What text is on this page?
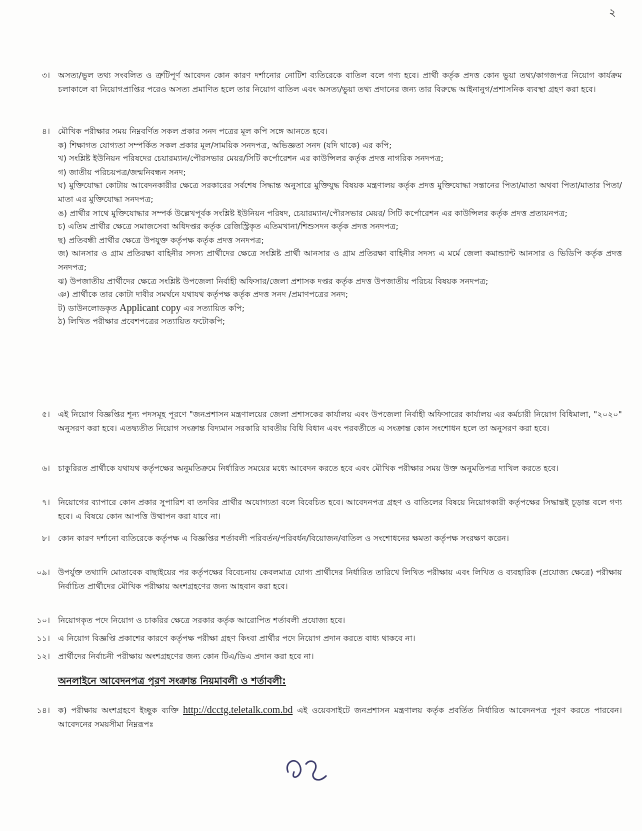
২
৩। অসত্য/ভুল তথ্য সংবলিত ও ত্রুটিপূর্ণ আবেদন কোন কারণ দর্শানোর নোটিশ ব্যতিরেকে বাতিল বলে গণ্য হবে। প্রার্থী কর্তৃক প্রদত্ত কোন ভুয়া তথ্য/কাগজপত্র নিয়োগ কার্যক্রম চলাকালে বা নিয়োগপ্রাপ্তির পরেও অসত্য প্রমাণিত হলে তার নিয়োগ বাতিল এবং অসত্য/ভুয়া তথ্য প্রদানের জন্য তার বিরুদ্ধে আইনানুগ/প্রশাসনিক ব্যবস্থা গ্রহণ করা হবে।
৪। মৌখিক পরীক্ষার সময় নিম্নবর্ণিত সকল প্রকার সনদ পত্রের মূল কপি সঙ্গে আনতে হবে।
ক) শিক্ষাগত যোগ্যতা সম্পর্কিত সকল প্রকার মূল/সাময়িক সনদপত্র, অভিজ্ঞতা সনদ (যদি থাকে) এর কপি;
খ) সংশ্লিষ্ট ইউনিয়ন পরিষদের চেয়ারম্যান/পৌরসভার মেয়র/সিটি কর্পোরেশন এর কাউন্সিলর কর্তৃক প্রদত্ত নাগরিক সনদপত্র;
গ) জাতীয় পরিচয়পত্র/জন্মনিবন্ধন সনদ;
ঘ) মুক্তিযোদ্ধা কোটায় আবেদনকারীর ক্ষেত্রে সরকারের সর্বশেষ সিদ্ধান্ত অনুসারে মুক্তিযুদ্ধ বিষয়ক মন্ত্রণালয় কর্তৃক প্রদত্ত মুক্তিযোদ্ধা সন্তানের পিতা/মাতা অথবা পিতা/মাতার পিতা/মাতা এর মুক্তিযোদ্ধা সনদপত্র;
ঙ) প্রার্থীর সাথে মুক্তিযোদ্ধার সম্পর্ক উল্লেখপূর্বক সংশ্লিষ্ট ইউনিয়ন পরিষদ, চেয়ারম্যান/পৌরসভার মেয়র/ সিটি কর্পোরেশন এর কাউন্সিলর কর্তৃক প্রদত্ত প্রত্যয়নপত্র;
চ) এতিম প্রার্থীর ক্ষেত্রে সমাজসেবা অধিদপ্তর কর্তৃক রেজিস্ট্রিকৃত এতিমখানা/শিশুসদন কর্তৃক প্রদত্ত সনদপত্র;
ছ) প্রতিবন্ধী প্রার্থীর ক্ষেত্রে উপযুক্ত কর্তৃপক্ষ কর্তৃক প্রদত্ত সনদপত্র;
জ) আনসার ও গ্রাম প্রতিরক্ষা বাহিনীর সদস্য প্রার্থীদের ক্ষেত্রে সংশ্লিষ্ট প্রার্থী আনসার ও গ্রাম প্রতিরক্ষা বাহিনীর সদস্য এ মর্মে জেলা কমান্ড্যান্ট আনসার ও ভিডিপি কর্তৃক প্রদত্ত সনদপত্র;
ঝ) উপজাতীয় প্রার্থীদের ক্ষেত্রে সংশ্লিষ্ট উপজেলা নির্বাহী অফিসার/জেলা প্রশাসক দপ্তর কর্তৃক প্রদত্ত উপজাতীয় পরিচয় বিষয়ক সনদপত্র;
ঞ) প্রার্থীকে তার কোটা দাবীর সমর্থনে যথাযথ কর্তৃপক্ষ কর্তৃক প্রদত্ত সনদ /প্রমাণপত্রের সনদ;
ট) ডাউনলোডকৃত Applicant copy এর সত্যায়িত কপি;
ঠ) লিখিত পরীক্ষার প্রবেশপত্রের সত্যায়িত ফটোকপি;
৫। এই নিয়োগ বিজ্ঞপ্তির শূন্য পদসমূহ পূরণে "জনপ্রশাসন মন্ত্রণালয়ের জেলা প্রশাসকের কার্যালয় এবং উপজেলা নির্বাহী অফিসারের কার্যালয় এর কর্মচারী নিয়োগ বিধিমালা, "২০২০" অনুসরণ করা হবে। এতদ্ব্যতীত নিয়োগ সংক্রান্ত বিদ্যমান সরকারি যাবতীয় বিধি বিধান এবং পরবর্তীতে এ সংক্রান্ত কোন সংশোধন হলে তা অনুসরণ করা হবে।
৬। চাকুরিরত প্রার্থীকে যথাযথ কর্তৃপক্ষের অনুমতিক্রমে নির্ধারিত সময়ের মধ্যে আবেদন করতে হবে এবং মৌখিক পরীক্ষার সময় উক্ত অনুমতিপত্র দাখিল করতে হবে।
৭। নিয়োগের ব্যাপারে কোন প্রকার সুপারিশ বা তদবির প্রার্থীর অযোগ্যতা বলে বিবেচিত হবে। আবেদনপত্র গ্রহণ ও বাতিলের বিষয়ে নিয়োগকারী কর্তৃপক্ষের সিদ্ধান্তই চূড়ান্ত বলে গণ্য হবে। এ বিষয়ে কোন আপত্তি উত্থাপন করা যাবে না।
৮। কোন কারণ দর্শানো ব্যতিরেকে কর্তৃপক্ষ এ বিজ্ঞপ্তির শর্তাবলী পরিবর্তন/পরিবর্ধন/বিয়োজন/বাতিল ও সংশোধনের ক্ষমতা কর্তৃপক্ষ সংরক্ষণ করেন।
০৯। উপর্যুক্ত তথ্যাদি মোতাবেক বাছাইয়ের পর কর্তৃপক্ষের বিবেচনায় কেবলমাত্র যোগ্য প্রার্থীদের নির্ধারিত তারিখে লিখিত পরীক্ষায় এবং লিখিত ও ব্যবহারিক (প্রযোজ্য ক্ষেত্রে) পরীক্ষায় নির্বাচিত প্রার্থীদের মৌখিক পরীক্ষায় অংশগ্রহণের জন্য আহবান করা হবে।
১০। নিয়োগকৃত পদে নিয়োগ ও চাকরির ক্ষেত্রে সরকার কর্তৃক আরোপিত শর্তাবলী প্রযোজ্য হবে।
১১। এ নিয়োগ বিজ্ঞপ্তি প্রকাশের কারণে কর্তৃপক্ষ পরীক্ষা গ্রহণ কিংবা প্রার্থীর পদে নিয়োগ প্রদান করতে বাধ্য থাকবে না।
১২। প্রার্থীদের নির্বাচনী পরীক্ষায় অংশগ্রহণের জন্য কোন টিএ/ডিএ প্রদান করা হবে না।
অনলাইনে আবেদনপত্র পূরণ সংক্রান্ত নিয়মাবলী ও শর্তাবলী:
১৪। ক) পরীক্ষায় অংশগ্রহণে ইচ্ছুক ব্যক্তি http://dcctg.teletalk.com.bd এই ওয়েবসাইটে জনপ্রশাসন মন্ত্রণালয় কর্তৃক প্রবর্তিত নির্ধারিত আবেদনপত্র পূরণ করতে পারবেন। আবেদনের সময়সীমা নিম্নরূপঃ
